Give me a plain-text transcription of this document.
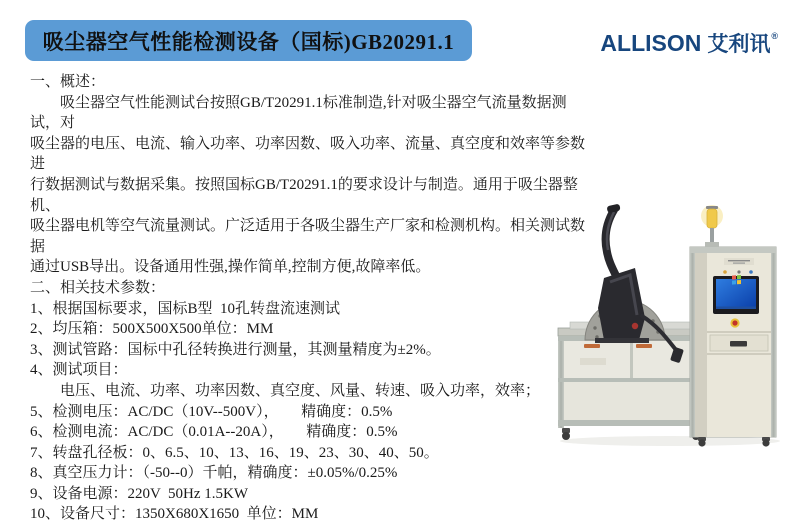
吸尘器空气性能检测设备（国标)GB20291.1	ALLISON 艾利讯 ®
一、概述：
吸尘器空气性能测试台按照GB/T20291.1标准制造,针对吸尘器空气流量数据测试，对
吸尘器的电压、电流、输入功率、功率因数、吸入功率、流量、真空度和效率等参数进
行数据测试与数据采集。按照国标GB/T20291.1的要求设计与制造。通用于吸尘器整机、
吸尘器电机等空气流量测试。广泛适用于各吸尘器生产厂家和检测机构。相关测试数据
通过USB导出。设备通用性强,操作简单,控制方便,故障率低。
二、相关技术参数：
1、根据国标要求，国标B型  10孔转盘流速测试
2、均压箱：500X500X500单位：MM
3、测试管路：国标中孔径转换进行测量，其测量精度为±2%。
4、测试项目：
电压、电流、功率、功率因数、真空度、风量、转速、吸入功率，效率；
5、检测电压：AC/DC（10V--500V），      精确度：0.5%
6、检测电流：AC/DC（0.01A--20A），      精确度：0.5%
7、转盘孔径板：0、6.5、10、13、16、19、23、30、40、50。
8、真空压力计：（-50--0）千帕，精确度：±0.05%/0.25%
9、设备电源：220V  50Hz 1.5KW
10、设备尺寸：1350X680X1650  单位：MM
